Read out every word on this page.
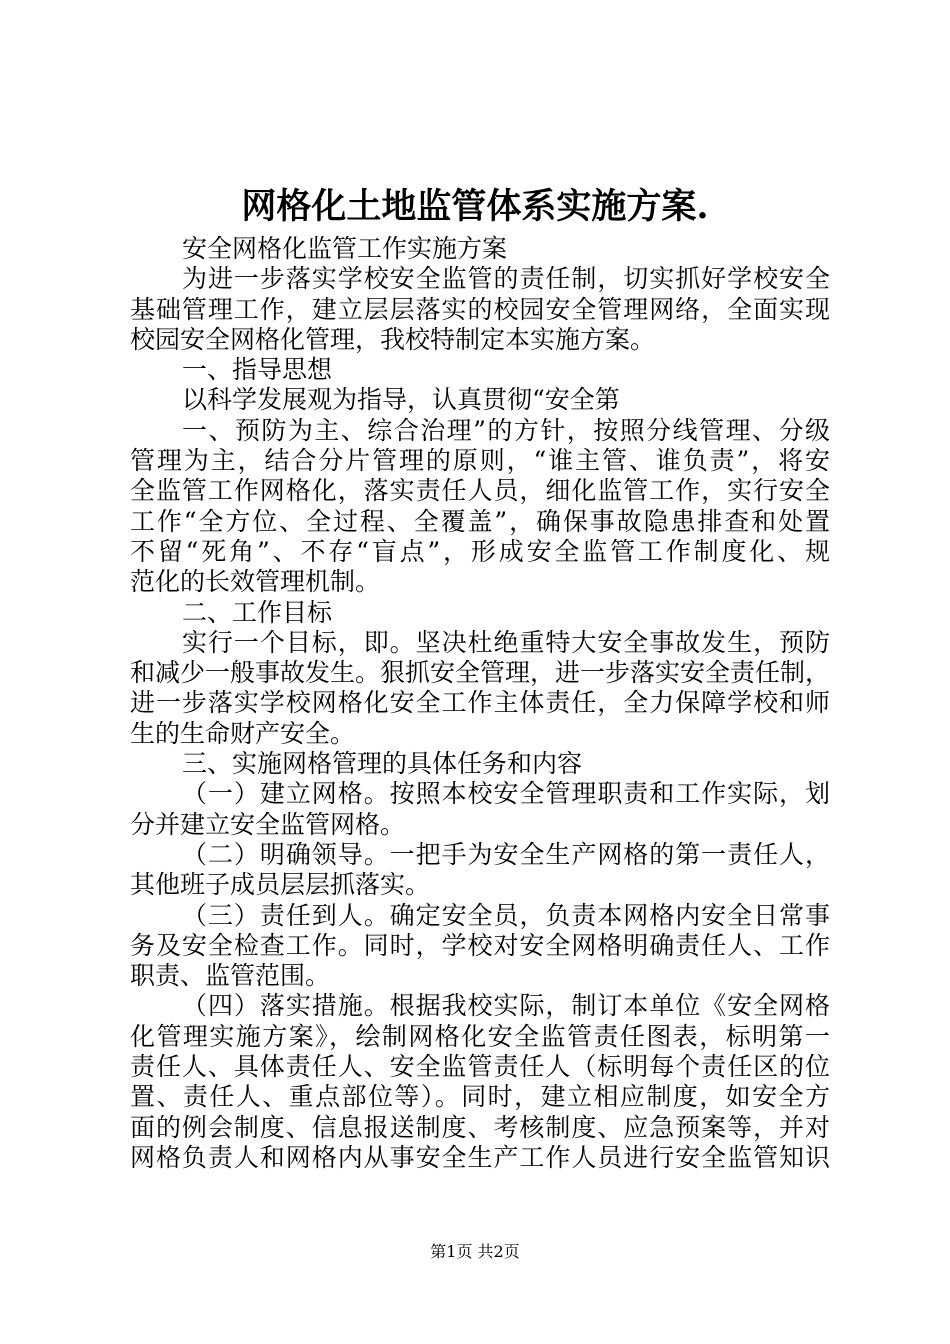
网格化土地监管体系实施方案.
安全网格化监管工作实施方案
为进一步落实学校安全监管的责任制，切实抓好学校安全
基础管理工作，建立层层落实的校园安全管理网络，全面实现
校园安全网格化管理，我校特制定本实施方案。
一、指导思想
以科学发展观为指导，认真贯彻“安全第
一、预防为主、综合治理”的方针，按照分线管理、分级
管理为主，结合分片管理的原则，“谁主管、谁负责”，将安
全监管工作网格化，落实责任人员，细化监管工作，实行安全
工作“全方位、全过程、全覆盖”，确保事故隐患排查和处置
不留“死角”、不存“盲点”，形成安全监管工作制度化、规
范化的长效管理机制。
二、工作目标
实行一个目标，即。坚决杜绝重特大安全事故发生，预防
和减少一般事故发生。狠抓安全管理，进一步落实安全责任制，
进一步落实学校网格化安全工作主体责任，全力保障学校和师
生的生命财产安全。
三、实施网格管理的具体任务和内容
（一）建立网格。按照本校安全管理职责和工作实际，划
分并建立安全监管网格。
（二）明确领导。一把手为安全生产网格的第一责任人，
其他班子成员层层抓落实。
（三）责任到人。确定安全员，负责本网格内安全日常事
务及安全检查工作。同时，学校对安全网格明确责任人、工作
职责、监管范围。
（四）落实措施。根据我校实际，制订本单位《安全网格
化管理实施方案》，绘制网格化安全监管责任图表，标明第一
责任人、具体责任人、安全监管责任人（标明每个责任区的位
置、责任人、重点部位等）。同时，建立相应制度，如安全方
面的例会制度、信息报送制度、考核制度、应急预案等，并对
网格负责人和网格内从事安全生产工作人员进行安全监管知识
第1页 共2页
